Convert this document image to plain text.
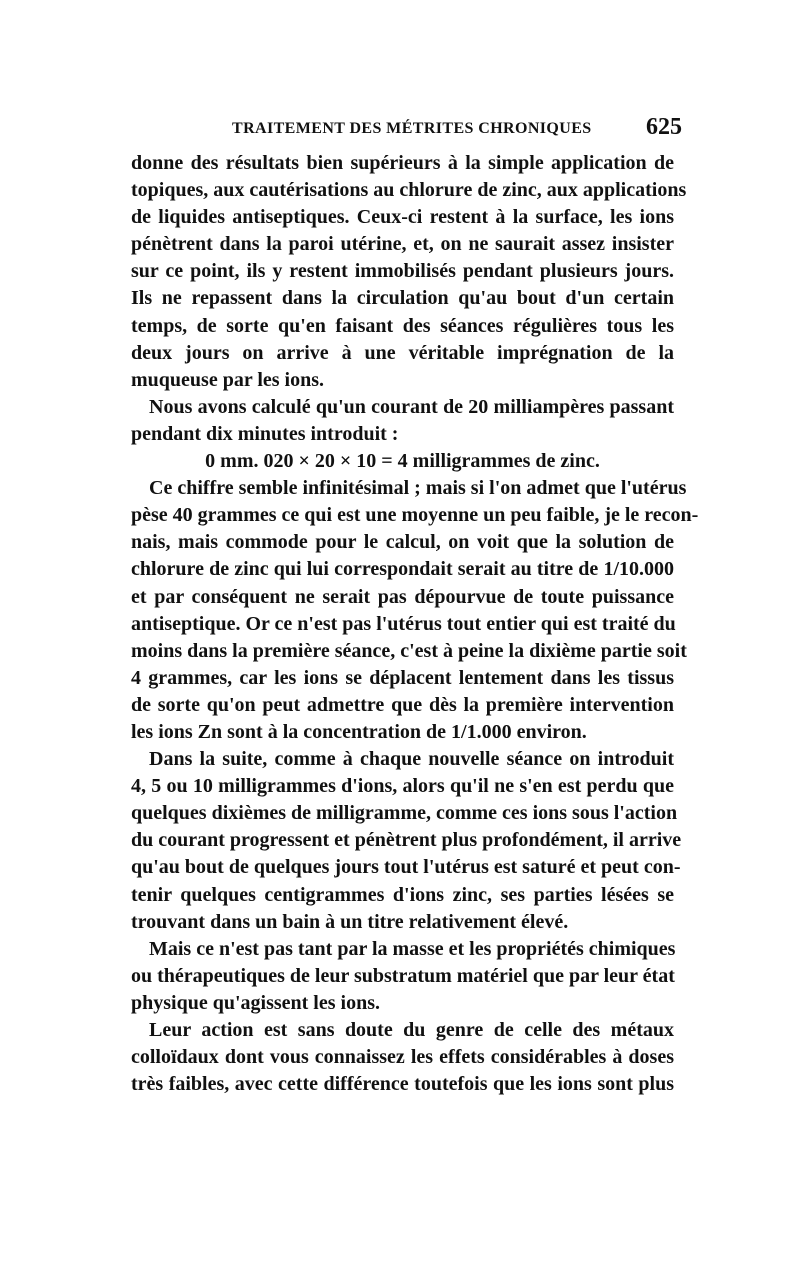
TRAITEMENT DES MÉTRITES CHRONIQUES 625
donne des résultats bien supérieurs à la simple application de
topiques, aux cautérisations au chlorure de zinc, aux applications
de liquides antiseptiques. Ceux-ci restent à la surface, les ions
pénètrent dans la paroi utérine, et, on ne saurait assez insister
sur ce point, ils y restent immobilisés pendant plusieurs jours.
Ils ne repassent dans la circulation qu'au bout d'un certain
temps, de sorte qu'en faisant des séances régulières tous les
deux jours on arrive à une véritable imprégnation de la
muqueuse par les ions.
Nous avons calculé qu'un courant de 20 milliampères passant
pendant dix minutes introduit :
0 mm. 020 × 20 × 10 = 4 milligrammes de zinc.
Ce chiffre semble infinitésimal ; mais si l'on admet que l'utérus
pèse 40 grammes ce qui est une moyenne un peu faible, je le recon-
nais, mais commode pour le calcul, on voit que la solution de
chlorure de zinc qui lui correspondait serait au titre de 1/10.000
et par conséquent ne serait pas dépourvue de toute puissance
antiseptique. Or ce n'est pas l'utérus tout entier qui est traité du
moins dans la première séance, c'est à peine la dixième partie soit
4 grammes, car les ions se déplacent lentement dans les tissus
de sorte qu'on peut admettre que dès la première intervention
les ions Zn sont à la concentration de 1/1.000 environ.
Dans la suite, comme à chaque nouvelle séance on introduit
4, 5 ou 10 milligrammes d'ions, alors qu'il ne s'en est perdu que
quelques dixièmes de milligramme, comme ces ions sous l'action
du courant progressent et pénètrent plus profondément, il arrive
qu'au bout de quelques jours tout l'utérus est saturé et peut con-
tenir quelques centigrammes d'ions zinc, ses parties lésées se
trouvant dans un bain à un titre relativement élevé.
Mais ce n'est pas tant par la masse et les propriétés chimiques
ou thérapeutiques de leur substratum matériel que par leur état
physique qu'agissent les ions.
Leur action est sans doute du genre de celle des métaux
colloïdaux dont vous connaissez les effets considérables à doses
très faibles, avec cette différence toutefois que les ions sont plus
